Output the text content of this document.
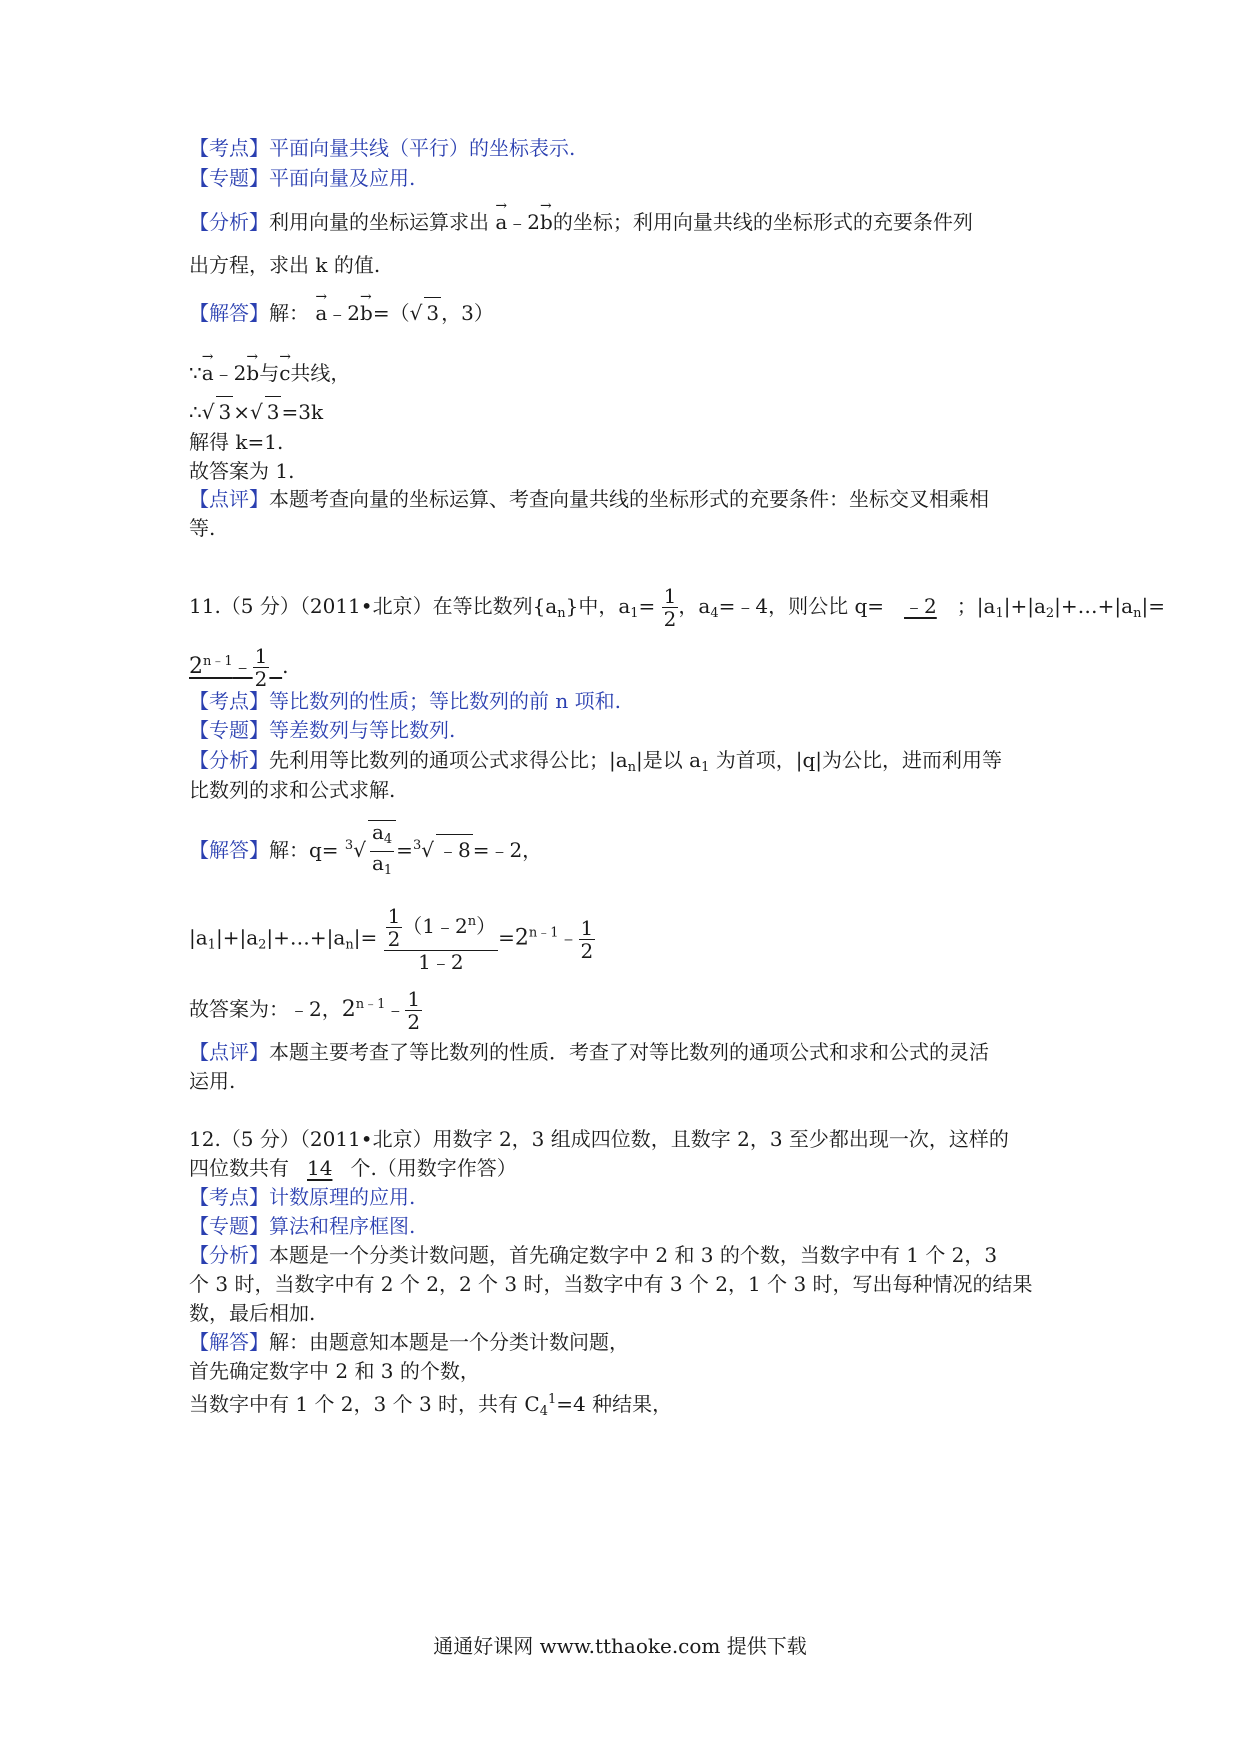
【考点】平面向量共线（平行）的坐标表示.
【专题】平面向量及应用.
【分析】利用向量的坐标运算求出 → a﹣2→ b的坐标；利用向量共线的坐标形式的充要条件列
出方程，求出 k 的值.
【解答】解： → a﹣2→ b=（√ 3 ，3）
∵→ a﹣2→ b与→ c共线，
∴√ 3 ×√ 3 =3k
解得 k=1.
故答案为 1.
【点评】本题考查向量的坐标运算、考查向量共线的坐标形式的充要条件：坐标交叉相乘相
等.
11.（5 分）（2011•北京）在等比数列$\{a_n\}$中，$a_1= \frac{1}{2}$ ，$a_4=﹣4$，则公比 q= ﹣2 ；$|a_1|+|a_2|+\dots+|a_n|=$
$2^{n﹣1}﹣ \frac{1}{2}$ .
【考点】等比数列的性质；等比数列的前 n 项和.
【专题】等差数列与等比数列.
【分析】先利用等比数列的通项公式求得公比；$|a_n|$是以 $a_1$ 为首项，|q|为公比，进而利用等
比数列的求和公式求解.
【解答】解：$q= ^3√ \frac{a_4}{a_1} =^3√$ ﹣8 =﹣2，
$|a_1|+|a_2|+\dots+|a_n|= \frac{\frac{1}{2} (1﹣2^n)}{1﹣2}$ $=2^{n﹣1}﹣ \frac{1}{2}$
故答案为：﹣2，$2^{n﹣1}﹣ \frac{1}{2}$
【点评】本题主要考查了等比数列的性质．考查了对等比数列的通项公式和求和公式的灵活
运用.
12.（5 分）（2011•北京）用数字 2，3 组成四位数，且数字 2，3 至少都出现一次，这样的
四位数共有 14 个.（用数字作答）
【考点】计数原理的应用.
【专题】算法和程序框图.
【分析】本题是一个分类计数问题，首先确定数字中 2 和 3 的个数，当数字中有 1 个 2，3
个 3 时，当数字中有 2 个 2，2 个 3 时，当数字中有 3 个 2，1 个 3 时，写出每种情况的结果
数，最后相加.
【解答】解：由题意知本题是一个分类计数问题，
首先确定数字中 2 和 3 的个数，
当数字中有 1 个 2，3 个 3 时，共有 $C_4^1=4$ 种结果，
通通好课网 www.tthaoke.com 提供下载
